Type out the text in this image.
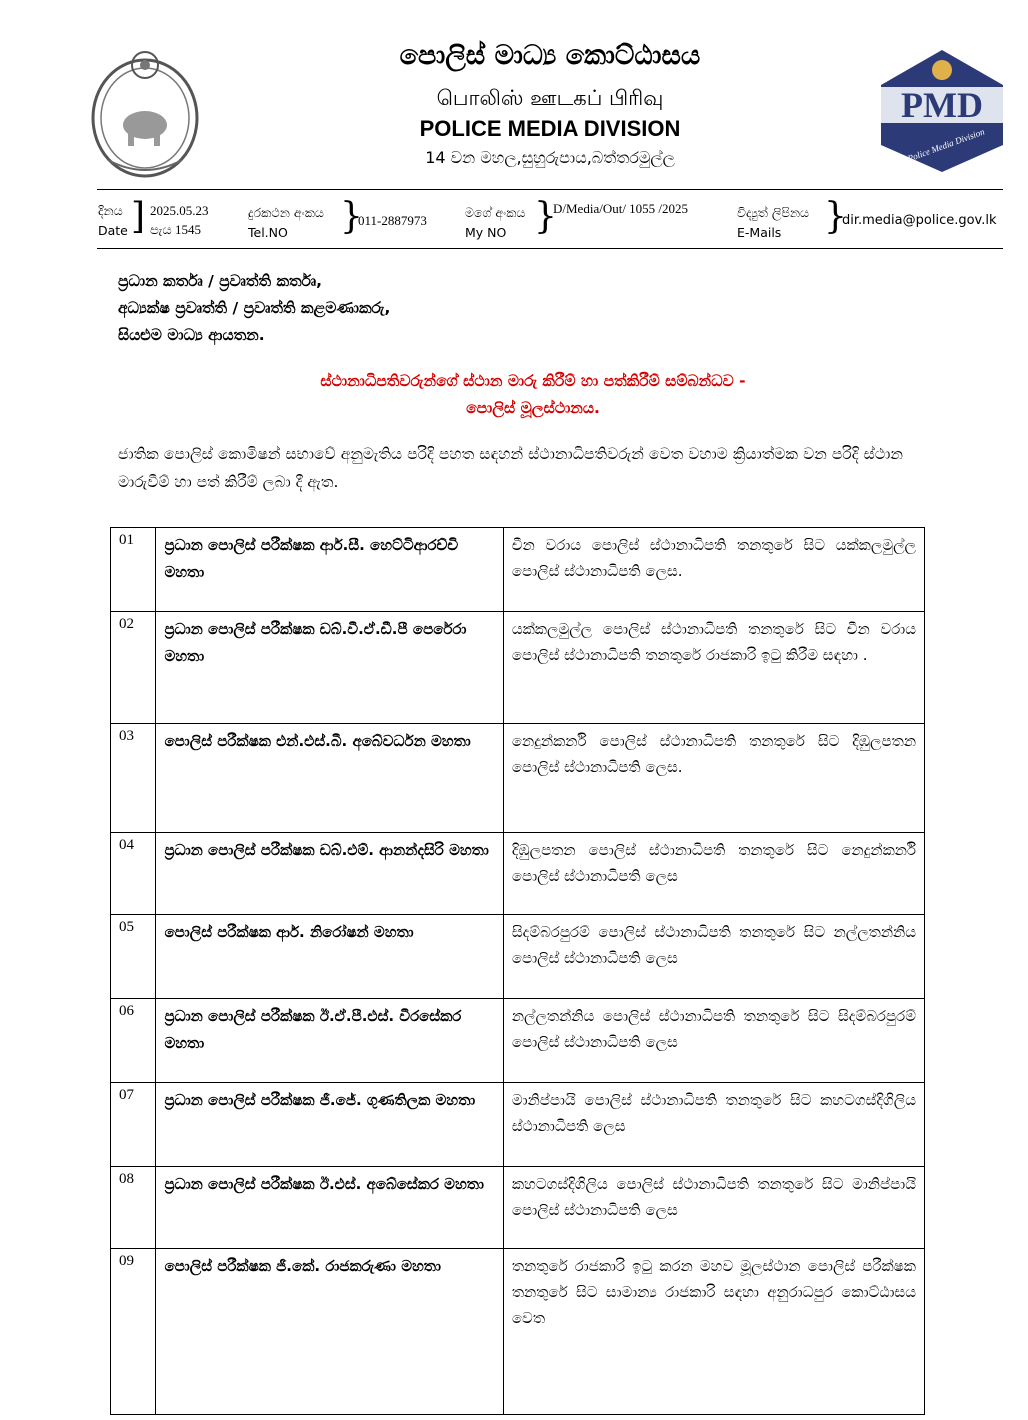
පොලිස් මාධ්‍ය කොට්ඨාසය
பொலிஸ் ஊடகப் பிரிவு
POLICE MEDIA DIVISION
14 වන මහල,සුහුරුපාය,බත්තරමුල්ල
PMD
Police Media Division
දිනය
Date ] 2025.05.23
පැය 1545
දුරකථන අංකය
Tel.NO }
011-2887973
මගේ අංකය
My NO }
D/Media/Out/ 1055 /2025	විද්‍යුත් ලිපිනය
E-Mails }
dir.media@police.gov.lk
ප්‍රධාන කර්තෘ / ප්‍රවෘත්ති කර්තෘ,
අධ්‍යක්ෂ ප්‍රවෘත්ති / ප්‍රවෘත්ති කළමණාකරු,
සියළුම මාධ්‍ය ආයතන.
ස්ථානාධිපතිවරුන්ගේ ස්ථාන මාරු කිරීම් හා පත්කිරීම් සම්බන්ධව -
පොලිස් මූලස්ථානය.
ජාතික පොලිස් කොමිෂන් සභාවේ අනුමැතිය පරිදි පහත සඳහන් ස්ථානාධිපතිවරුන් වෙත වහාම ක්‍රියාත්මක වන පරිදි ස්ථාන මාරුවීම් හා පත් කිරීම් ලබා දී ඇත.
01	ප්‍රධාන පොලිස් පරීක්ෂක ආර්.සී. හෙට්ටිආරච්චි මහතා	චීන වරාය පොලිස් ස්ථානාධිපති තනතුරේ සිට යක්කලමුල්ල පොලිස් ස්ථානාධිපති ලෙස.
02	ප්‍රධාන පොලිස් පරීක්ෂක ඩබ්.වී.ඒ.ඩී.පී පෙරේරා මහතා	යක්කලමුල්ල පොලිස් ස්ථානාධිපති තනතුරේ සිට චීන වරාය පොලිස් ස්ථානාධිපති තනතුරේ රාජකාරි ඉටු කිරීම සඳහා .
03	පොලිස් පරීක්ෂක එන්.එස්.බී. අබේවර්ධන මහතා	නෙදුන්කර්නි පොලිස් ස්ථානාධිපති තනතුරේ සිට දිඹුලපතන පොලිස් ස්ථානාධිපති ලෙස.
04	ප්‍රධාන පොලිස් පරීක්ෂක ඩබ්.එම්. ආනන්දසිරි මහතා	දිඹුලපතන පොලිස් ස්ථානාධිපති තනතුරේ සිට නෙදුන්කර්නි පොලිස් ස්ථානාධිපති ලෙස
05	පොලිස් පරීක්ෂක ආර්. නිරෝෂන් මහතා	සිදම්බරපුරම් පොලිස් ස්ථානාධිපති තනතුරේ සිට නල්ලතන්නිය පොලිස් ස්ථානාධිපති ලෙස
06	ප්‍රධාන පොලිස් පරීක්ෂක ඊ.ඒ.පී.එස්. වීරසේකර මහතා	නල්ලතන්නිය පොලිස් ස්ථානාධිපති තනතුරේ සිට සිදම්බරපුරම් පොලිස් ස්ථානාධිපති ලෙස
07	ප්‍රධාන පොලිස් පරීක්ෂක ජී.ජේ. ගුණතිලක මහතා	මානිප්පායි පොලිස් ස්ථානාධිපති තනතුරේ සිට කහටගස්දිගිලිය ස්ථානාධිපති ලෙස
08	ප්‍රධාන පොලිස් පරීක්ෂක ඊ.එස්. අබේසේකර මහතා	කහටගස්දිගිලිය පොලිස් ස්ථානාධිපති තනතුරේ සිට මානිප්පායි පොලිස් ස්ථානාධිපති ලෙස
09	පොලිස් පරීක්ෂක ජී.කේ. රාජකරුණා මහතා	තනතුරේ රාජකාරි ඉටු කරන මහව මූලස්ථාන පොලිස් පරීක්ෂක තනතුරේ සිට සාමාන්‍ය රාජකාරි සඳහා අනුරාධපුර කොට්ඨාසය වෙත
